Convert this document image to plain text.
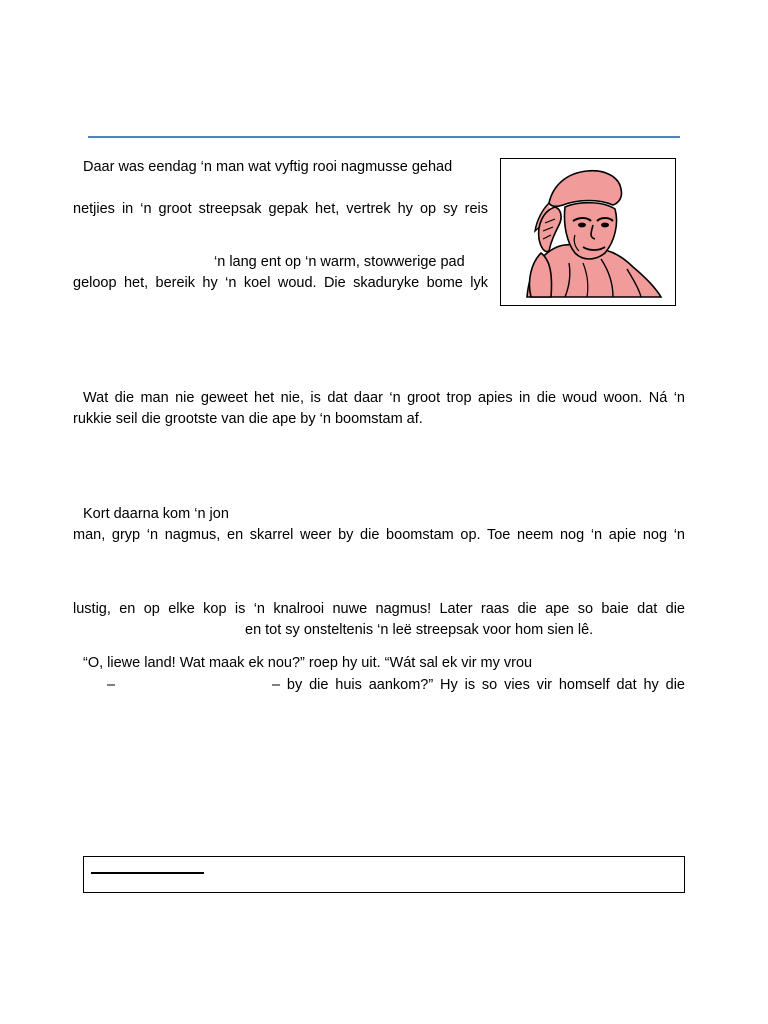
Daar was eendag ‘n man wat vyftig rooi nagmusse gehad
netjies in ‘n groot streepsak gepak het, vertrek hy op sy reis
‘n lang ent op ‘n warm, stowwerige pad
geloop het, bereik hy ‘n koel woud. Die skaduryke bome lyk
Wat die man nie geweet het nie, is dat daar ‘n groot trop apies in die woud woon. Ná ‘n
rukkie seil die grootste van die ape by ‘n boomstam af.
Kort daarna kom ‘n jon
man, gryp ‘n nagmus, en skarrel weer by die boomstam op. Toe neem nog ‘n apie nog ‘n
lustig, en op elke kop is ‘n knalrooi nuwe nagmus! Later raas die ape so baie dat die
en tot sy onsteltenis ‘n leë streepsak voor hom sien lê.
“O, liewe land! Wat maak ek nou?” roep hy uit. “Wát sal ek vir my vrou
–	– by die huis aankom?” Hy is so vies vir homself dat hy die
